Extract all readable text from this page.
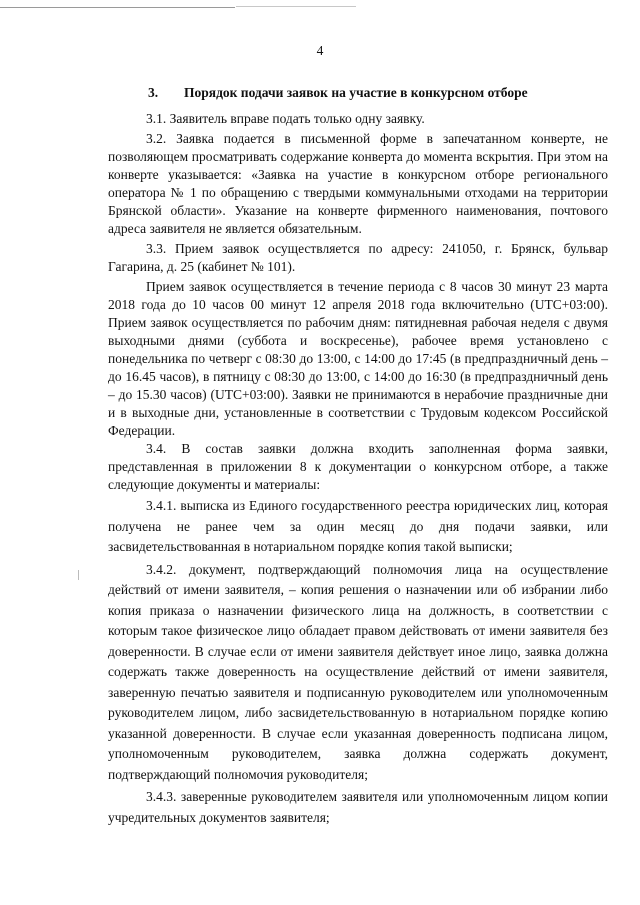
4
3. Порядок подачи заявок на участие в конкурсном отборе

3.1. Заявитель вправе подать только одну заявку.

3.2. Заявка подается в письменной форме в запечатанном конверте, не позволяющем просматривать содержание конверта до момента вскрытия. При этом на конверте указывается: «Заявка на участие в конкурсном отборе регионального оператора № 1 по обращению с твердыми коммунальными отходами на территории Брянской области». Указание на конверте фирменного наименования, почтового адреса заявителя не является обязательным.

3.3. Прием заявок осуществляется по адресу: 241050, г. Брянск, бульвар Гагарина, д. 25 (кабинет № 101).

Прием заявок осуществляется в течение периода с 8 часов 30 минут 23 марта 2018 года до 10 часов 00 минут 12 апреля 2018 года включительно (UTC+03:00). Прием заявок осуществляется по рабочим дням: пятидневная рабочая неделя с двумя выходными днями (суббота и воскресенье), рабочее время установлено с понедельника по четверг с 08:30 до 13:00, с 14:00 до 17:45 (в предпраздничный день – до 16.45 часов), в пятницу с 08:30 до 13:00, с 14:00 до 16:30 (в предпраздничный день – до 15.30 часов) (UTC+03:00). Заявки не принимаются в нерабочие праздничные дни и в выходные дни, установленные в соответствии с Трудовым кодексом Российской Федерации.

3.4. В состав заявки должна входить заполненная форма заявки, представленная в приложении 8 к документации о конкурсном отборе, а также следующие документы и материалы:

3.4.1. выписка из Единого государственного реестра юридических лиц, которая получена не ранее чем за один месяц до дня подачи заявки, или засвидетельствованная в нотариальном порядке копия такой выписки;

3.4.2. документ, подтверждающий полномочия лица на осуществление действий от имени заявителя, – копия решения о назначении или об избрании либо копия приказа о назначении физического лица на должность, в соответствии с которым такое физическое лицо обладает правом действовать от имени заявителя без доверенности. В случае если от имени заявителя действует иное лицо, заявка должна содержать также доверенность на осуществление действий от имени заявителя, заверенную печатью заявителя и подписанную руководителем или уполномоченным руководителем лицом, либо засвидетельствованную в нотариальном порядке копию указанной доверенности. В случае если указанная доверенность подписана лицом, уполномоченным руководителем, заявка должна содержать документ, подтверждающий полномочия руководителя;

3.4.3. заверенные руководителем заявителя или уполномоченным лицом копии учредительных документов заявителя;
